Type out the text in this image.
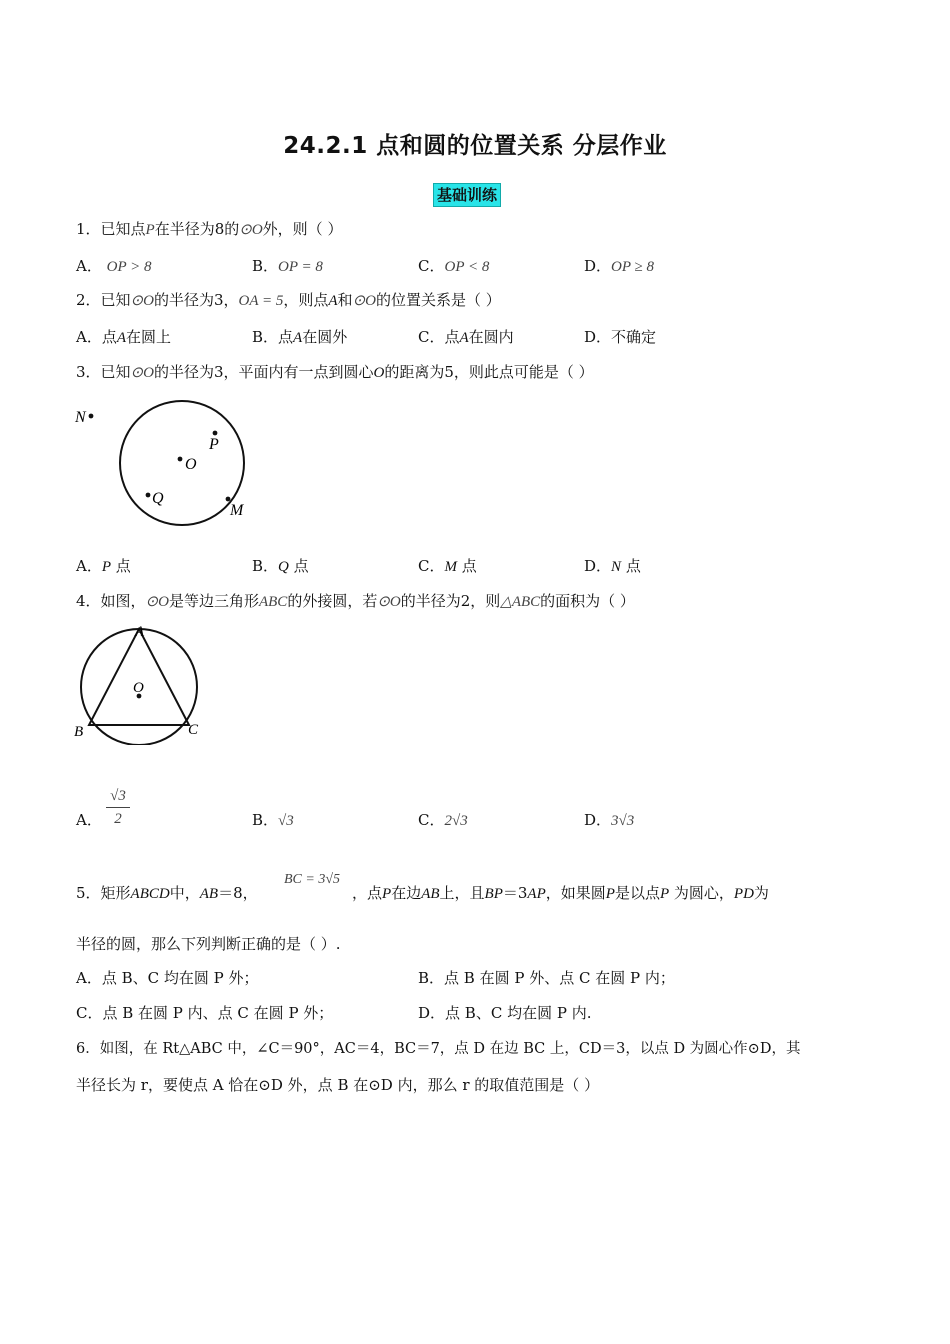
24.2.1 点和圆的位置关系 分层作业
基础训练
1．已知点P在半径为8的⊙O外，则（ ）
A． OP > 8	B．OP = 8	C．OP < 8	D．OP ≥ 8
2．已知⊙O的半径为3，OA = 5，则点A和⊙O的位置关系是（ ）
A．点A在圆上	B．点A在圆外	C．点A在圆内	D．不确定
3．已知⊙O的半径为3，平面内有一点到圆心O的距离为5，则此点可能是（ ）
N
P
O
Q
M
A．P 点	B．Q 点	C．M 点	D．N 点
4．如图，⊙O是等边三角形ABC的外接圆，若⊙O的半径为2，则△ABC的面积为（ ）
A
O
B	C
A．
√3
2	B．√3	C．2√3	D．3√3
5．矩形ABCD中，AB＝8，
BC = 3√5
，点P在边AB上，且BP＝3AP，如果圆P是以点P 为圆心，PD为
半径的圆，那么下列判断正确的是（ ）.
A．点 B、C 均在圆 P 外；	B．点 B 在圆 P 外、点 C 在圆 P 内；
C．点 B 在圆 P 内、点 C 在圆 P 外；	D．点 B、C 均在圆 P 内.
6．如图，在 Rt△ABC 中，∠C＝90°，AC＝4，BC＝7，点 D 在边 BC 上，CD＝3，以点 D 为圆心作⊙D，其
半径长为 r，要使点 A 恰在⊙D 外，点 B 在⊙D 内，那么 r 的取值范围是（ ）
